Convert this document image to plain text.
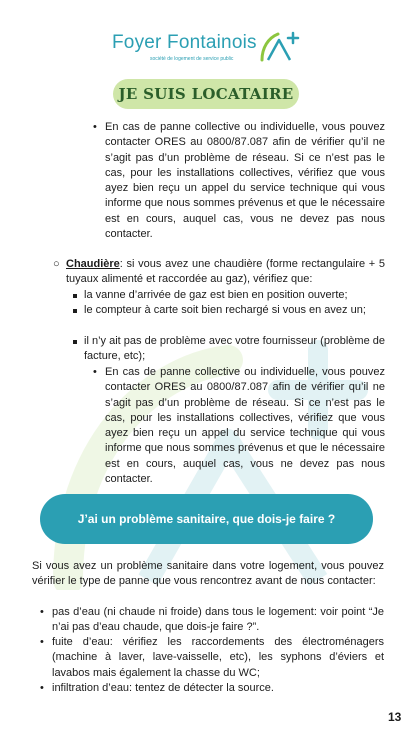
Foyer Fontainois
société de logement de service public
JE SUIS LOCATAIRE
• En cas de panne collective ou individuelle, vous pouvez contacter ORES au 0800/87.087 afin de vérifier qu’il ne s’agit pas d’un problème de réseau. Si ce n’est pas le cas, pour les installations collectives, vérifiez que vous ayez bien reçu un appel du service technique qui vous informe que nous sommes prévenus et que le nécessaire est en cours, auquel cas, vous ne devez pas nous contacter.

○ Chaudière: si vous avez une chaudière (forme rectangulaire + 5 tuyaux alimenté et raccordée au gaz), vérifiez que:

la vanne d’arrivée de gaz est bien en position ouverte;

le compteur à carte soit bien rechargé si vous en avez un;

il n’y ait pas de problème avec votre fournisseur (problème de facture, etc);

• En cas de panne collective ou individuelle, vous pouvez contacter ORES au 0800/87.087 afin de vérifier qu’il ne s’agit pas d’un problème de réseau. Si ce n’est pas le cas, pour les installations collectives, vérifiez que vous ayez bien reçu un appel du service technique qui vous informe que nous sommes prévenus et que le nécessaire est en cours, auquel cas, vous ne devez pas nous contacter.

J’ai un problème sanitaire, que dois-je faire ?

Si vous avez un problème sanitaire dans votre logement, vous pouvez vérifier le type de panne que vous rencontrez avant de nous contacter:

• pas d’eau (ni chaude ni froide) dans tous le logement: voir point “Je n’ai pas d’eau chaude, que dois-je faire ?”.

• fuite d’eau: vérifiez les raccordements des électroménagers (machine à laver, lave-vaisselle, etc), les syphons d’éviers et lavabos mais également la chasse du WC;

• infiltration d’eau: tentez de détecter la source.

13
